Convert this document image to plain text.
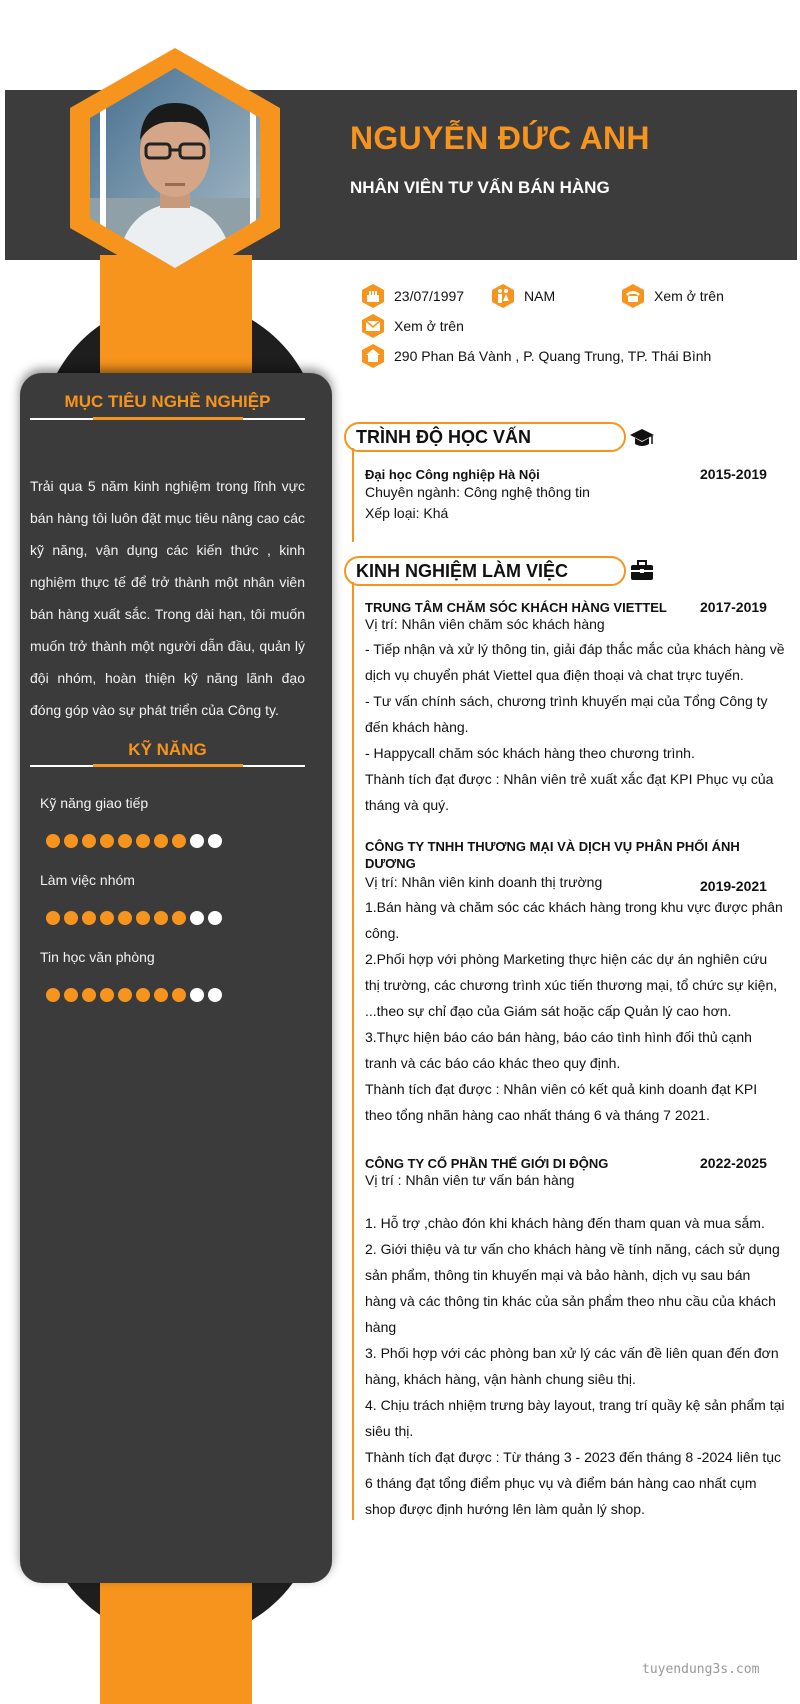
NGUYỄN ĐỨC ANH
NHÂN VIÊN TƯ VẤN BÁN HÀNG
MỤC TIÊU NGHỀ NGHIỆP
Trải qua 5 năm kinh nghiệm trong lĩnh vực bán hàng tôi luôn đặt mục tiêu nâng cao các kỹ năng, vận dụng các kiến thức , kinh nghiệm thực tế để trở thành một nhân viên bán hàng xuất sắc. Trong dài hạn, tôi muốn muốn trở thành một người dẫn đầu, quản lý đội nhóm, hoàn thiện kỹ năng lãnh đạo đóng góp vào sự phát triển của Công ty.
KỸ NĂNG
Kỹ năng giao tiếp
Làm việc nhóm
Tin học văn phòng
23/07/1997	NAM	Xem ở trên
Xem ở trên
290 Phan Bá Vành , P. Quang Trung, TP. Thái Bình
TRÌNH ĐỘ HỌC VẤN
Đại học Công nghiệp Hà Nội	2015-2019
Chuyên ngành: Công nghệ thông tin
Xếp loại: Khá
KINH NGHIỆM LÀM VIỆC
TRUNG TÂM CHĂM SÓC KHÁCH HÀNG VIETTEL	2017-2019
Vị trí: Nhân viên chăm sóc khách hàng
- Tiếp nhận và xử lý thông tin, giải đáp thắc mắc của khách hàng về dịch vụ chuyển phát Viettel qua điện thoại và chat trực tuyến.
- Tư vấn chính sách, chương trình khuyến mại của Tổng Công ty đến khách hàng.
- Happycall chăm sóc khách hàng theo chương trình.
Thành tích đạt được : Nhân viên trẻ xuất xắc đạt KPI Phục vụ của tháng và quý.
CÔNG TY TNHH THƯƠNG MẠI VÀ DỊCH VỤ PHÂN PHỐI ÁNH DƯƠNG
2019-2021
Vị trí: Nhân viên kinh doanh thị trường
1.Bán hàng và chăm sóc các khách hàng trong khu vực được phân công.
2.Phối hợp với phòng Marketing thực hiện các dự án nghiên cứu thị trường, các chương trình xúc tiến thương mại, tổ chức sự kiện, ...theo sự chỉ đạo của Giám sát hoặc cấp Quản lý cao hơn.
3.Thực hiện báo cáo bán hàng, báo cáo tình hình đối thủ cạnh tranh và các báo cáo khác theo quy định.
Thành tích đạt được : Nhân viên có kết quả kinh doanh đạt KPI theo tổng nhãn hàng cao nhất tháng 6 và tháng 7 2021.
CÔNG TY CỔ PHẦN THẾ GIỚI DI ĐỘNG	2022-2025
Vị trí : Nhân viên tư vấn bán hàng
1. Hỗ trợ ,chào đón khi khách hàng đến tham quan và mua sắm.
2. Giới thiệu và tư vấn cho khách hàng về tính năng, cách sử dụng sản phẩm, thông tin khuyến mại và bảo hành, dịch vụ sau bán hàng và các thông tin khác của sản phẩm theo nhu cầu của khách hàng
3. Phối hợp với các phòng ban xử lý các vấn đề liên quan đến đơn hàng, khách hàng, vận hành chung siêu thị.
4. Chịu trách nhiệm trưng bày layout, trang trí quầy kệ sản phẩm tại siêu thị.
Thành tích đạt được : Từ tháng 3 - 2023 đến tháng 8 -2024 liên tục 6 tháng đạt tổng điểm phục vụ và điểm bán hàng cao nhất cụm shop được định hướng lên làm quản lý shop.
tuyendung3s.com
